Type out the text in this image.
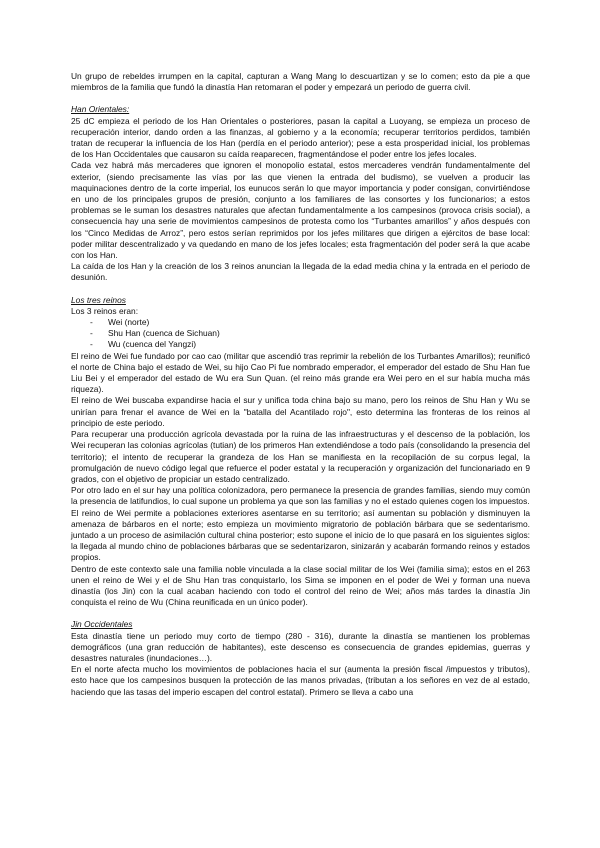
Un grupo de rebeldes irrumpen en la capital, capturan a Wang Mang lo descuartizan y se lo comen; esto da pie a que miembros de la familia que fundó la dinastía Han retomaran el poder y empezará un periodo de guerra civil.

Han Orientales:

25 dC empieza el periodo de los Han Orientales o posteriores, pasan la capital a Luoyang, se empieza un proceso de recuperación interior, dando orden a las finanzas, al gobierno y a la economía; recuperar territorios perdidos, también tratan de recuperar la influencia de los Han (perdía en el periodo anterior); pese a esta prosperidad inicial, los problemas de los Han Occidentales que causaron su caída reaparecen, fragmentándose el poder entre los jefes locales.

Cada vez habrá más mercaderes que ignoren el monopolio estatal, estos mercaderes vendrán fundamentalmente del exterior, (siendo precisamente las vías por las que vienen la entrada del budismo), se vuelven a producir las maquinaciones dentro de la corte imperial, los eunucos serán lo que mayor importancia y poder consigan, convirtiéndose en uno de los principales grupos de presión, conjunto a los familiares de las consortes y los funcionarios; a estos problemas se le suman los desastres naturales que afectan fundamentalmente a los campesinos (provoca crisis social), a consecuencia hay una serie de movimientos campesinos de protesta como los “Turbantes amarillos” y años después con los “Cinco Medidas de Arroz”, pero estos serían reprimidos por los jefes militares que dirigen a ejércitos de base local: poder militar descentralizado y va quedando en mano de los jefes locales; esta fragmentación del poder será la que acabe con los Han.

La caída de los Han y la creación de los 3 reinos anuncian la llegada de la edad media china y la entrada en el periodo de desunión.

Los tres reinos

Los 3 reinos eran:

- Wei (norte)
- Shu Han (cuenca de Sichuan)
- Wu (cuenca del Yangzi)

El reino de Wei fue fundado por cao cao (militar que ascendió tras reprimir la rebelión de los Turbantes Amarillos); reunificó el norte de China bajo el estado de Wei, su hijo Cao Pi fue nombrado emperador, el emperador del estado de Shu Han fue Liu Bei y el emperador del estado de Wu era Sun Quan. (el reino más grande era Wei pero en el sur había mucha más riqueza).

El reino de Wei buscaba expandirse hacia el sur y unifica toda china bajo su mano, pero los reinos de Shu Han y Wu se unirían para frenar el avance de Wei en la "batalla del Acantilado rojo", esto determina las fronteras de los reinos al principio de este periodo.

Para recuperar una producción agrícola devastada por la ruina de las infraestructuras y el descenso de la población, los Wei recuperan las colonias agrícolas (tutian) de los primeros Han extendiéndose a todo país (consolidando la presencia del territorio); el intento de recuperar la grandeza de los Han se manifiesta en la recopilación de su corpus legal, la promulgación de nuevo código legal que refuerce el poder estatal y la recuperación y organización del funcionariado en 9 grados, con el objetivo de propiciar un estado centralizado.

Por otro lado en el sur hay una política colonizadora, pero permanece la presencia de grandes familias, siendo muy común la presencia de latifundios, lo cual supone un problema ya que son las familias y no el estado quienes cogen los impuestos.

El reino de Wei permite a poblaciones exteriores asentarse en su territorio; así aumentan su población y disminuyen la amenaza de bárbaros en el norte; esto empieza un movimiento migratorio de población bárbara que se sedentarismo. juntado a un proceso de asimilación cultural china posterior; esto supone el inicio de lo que pasará en los siguientes siglos: la llegada al mundo chino de poblaciones bárbaras que se sedentarizaron, sinizarán y acabarán formando reinos y estados propios.

Dentro de este contexto sale una familia noble vinculada a la clase social militar de los Wei (familia sima); estos en el 263 unen el reino de Wei y el de Shu Han tras conquistarlo, los Sima se imponen en el poder de Wei y forman una nueva dinastía (los Jin) con la cual acaban haciendo con todo el control del reino de Wei; años más tardes la dinastía Jin conquista el reino de Wu (China reunificada en un único poder).

Jin Occidentales

Esta dinastía tiene un periodo muy corto de tiempo (280 - 316), durante la dinastía se mantienen los problemas demográficos (una gran reducción de habitantes), este descenso es consecuencia de grandes epidemias, guerras y desastres naturales (inundaciones…).

En el norte afecta mucho los movimientos de poblaciones hacia el sur (aumenta la presión fiscal /impuestos y tributos), esto hace que los campesinos busquen la protección de las manos privadas, (tributan a los señores en vez de al estado, haciendo que las tasas del imperio escapen del control estatal). Primero se lleva a cabo una
